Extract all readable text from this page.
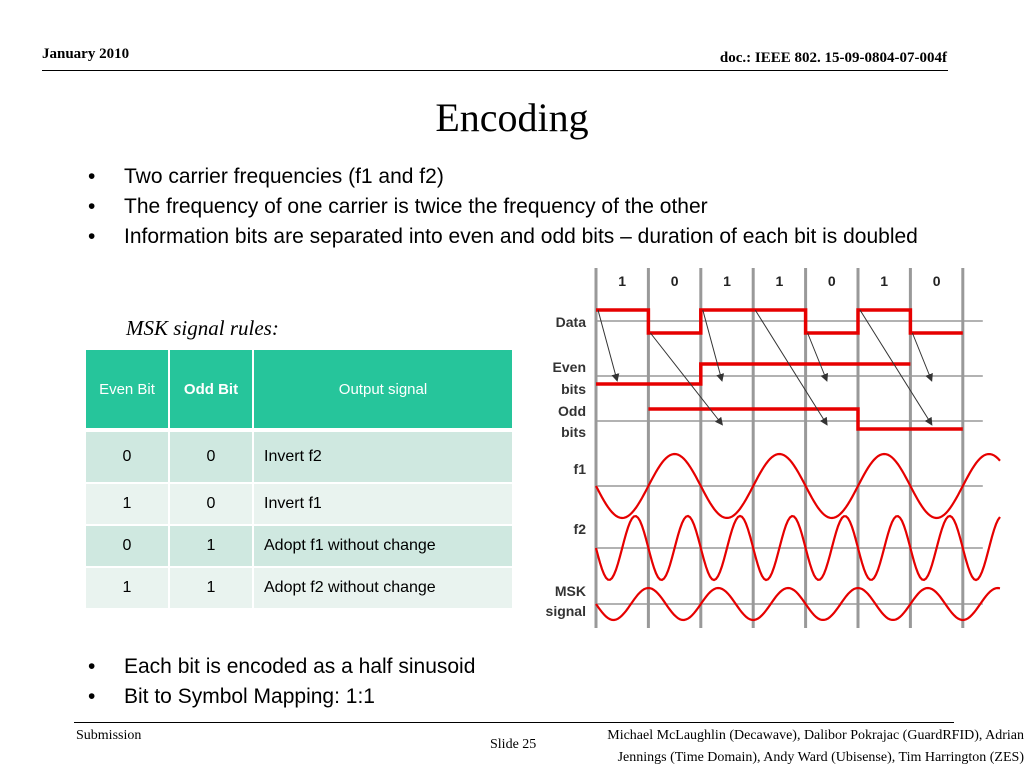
January 2010	doc.: IEEE 802. 15-09-0804-07-004f
Encoding
• Two carrier frequencies (f1 and f2)
• The frequency of one carrier is twice the frequency of the other
• Information bits are separated into even and odd bits – duration of each bit is doubled
MSK signal rules:
Even Bit	Odd Bit	Output signal
0	0	Invert f2
1	0	Invert f1
0	1	Adopt f1 without change
1	1	Adopt f2 without change
1	0	1	1	0	1	0
Data
Even
bits
Odd
bits
f1
f2
MSK
signal
• Each bit is encoded as a half sinusoid
• Bit to Symbol Mapping: 1:1
Submission
Slide 25
Michael McLaughlin (Decawave), Dalibor Pokrajac (GuardRFID), Adrian
Jennings (Time Domain), Andy Ward (Ubisense), Tim Harrington (ZES)
